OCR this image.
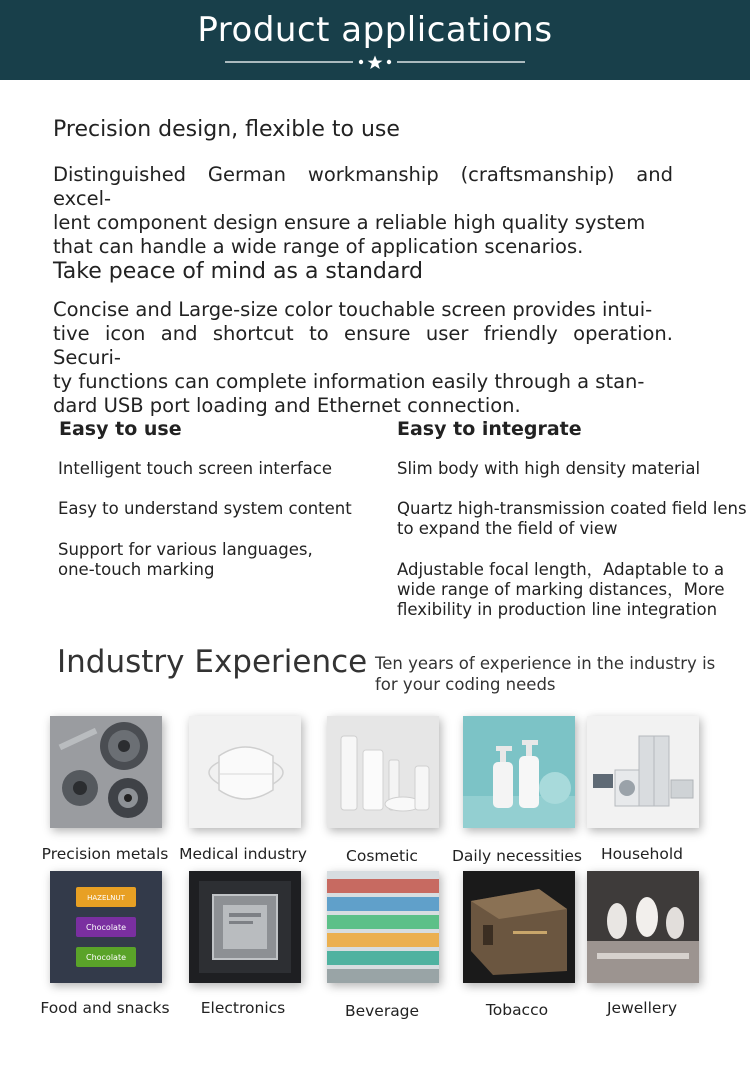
Product applications
Precision design, flexible to use
Distinguished German workmanship (craftsmanship) and excel-
lent component design ensure a reliable high quality system
that can handle a wide range of application scenarios.
Take peace of mind as a standard
Concise and Large-size color touchable screen provides intui-
tive icon and shortcut to ensure user friendly operation. Securi-
ty functions can complete information easily through a stan-
dard USB port loading and Ethernet connection.
Easy to use
Intelligent touch screen interface
Easy to understand system content
Support for various languages,
one-touch marking
Easy to integrate
Slim body with high density material
Quartz high-transmission coated field lens
to expand the field of view
Adjustable focal length，Adaptable to a
wide range of marking distances，More
flexibility in production line integration
Industry Experience Ten years of experience in the industry is
for your coding needs
Precision metals Medical industry	Cosmetic	Daily necessities	Household
HAZELNUT
Chocolate
Chocolate
Food and snacks	Electronics	Beverage	Tobacco	Jewellery
